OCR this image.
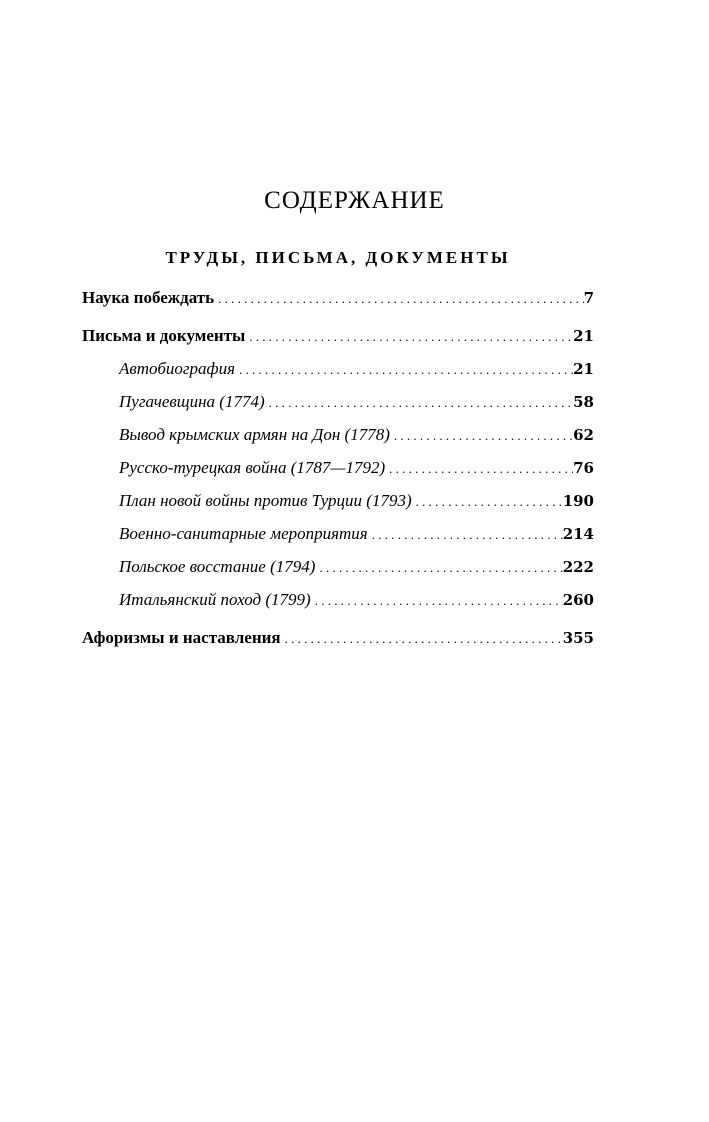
СОДЕРЖАНИЕ
ТРУДЫ, ПИСЬМА, ДОКУМЕНТЫ
Наука побеждать . . .	7
Письма и документы . . .	21
Автобиография . . .	21
Пугачевщина (1774) . . .	58
Вывод крымских армян на Дон (1778) . . .	62
Русско-турецкая война (1787—1792) . . .	76
План новой войны против Турции (1793) . . .	190
Военно-санитарные мероприятия . . .	214
Польское восстание (1794) . . .	222
Итальянский поход (1799) . . .	260
Афоризмы и наставления . . .	355
